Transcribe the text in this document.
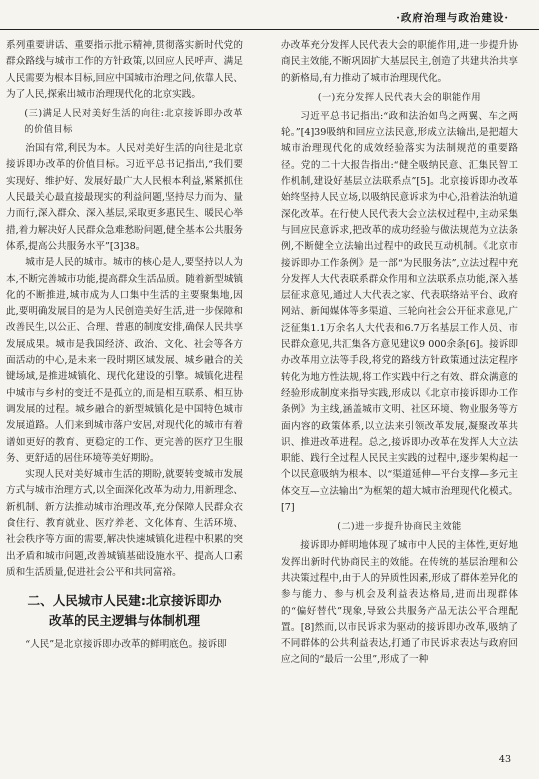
·政府治理与政治建设·

系列重要讲话、重要指示批示精神,贯彻落实新时代党的群众路线与城市工作的方针政策,以回应人民呼声、满足人民需要为根本目标,回应中国城市治理之问,依靠人民、为了人民,探索出城市治理现代化的北京实践。

(三)满足人民对美好生活的向往:北京接诉即办改革的价值目标

治国有常,利民为本。人民对美好生活的向往是北京接诉即办改革的价值目标。习近平总书记指出,“我们要实现好、维护好、发展好最广大人民根本利益,紧紧抓住人民最关心最直接最现实的利益问题,坚持尽力而为、量力而行,深入群众、深入基层,采取更多惠民生、暖民心举措,着力解决好人民群众急难愁盼问题,健全基本公共服务体系,提高公共服务水平”[3]38。

城市是人民的城市。城市的核心是人,要坚持以人为本,不断完善城市功能,提高群众生活品质。随着新型城镇化的不断推进,城市成为人口集中生活的主要聚集地,因此,要明确发展目的是为人民创造美好生活,进一步保障和改善民生,以公正、合理、普惠的制度安排,确保人民共享发展成果。城市是我国经济、政治、文化、社会等各方面活动的中心,是未来一段时期区域发展、城乡融合的关键场域,是推进城镇化、现代化建设的引擎。城镇化进程中城市与乡村的变迁不是孤立的,而是相互联系、相互协调发展的过程。城乡融合的新型城镇化是中国特色城市发展道路。人们来到城市落户安居,对现代化的城市有着谱如更好的教育、更稳定的工作、更完善的医疗卫生服务、更舒适的居住环境等美好期盼。

实现人民对美好城市生活的期盼,就要转变城市发展方式与城市治理方式,以全面深化改革为动力,用新理念、新机制、新方法推动城市治理改革,充分保障人民群众衣食住行、教育就业、医疗养老、文化体育、生活环境、社会秩序等方面的需要,解决快速城镇化进程中积累的突出矛盾和城市问题,改善城镇基础设施水平、提高人口素质和生活质量,促进社会公平和共同富裕。

二、人民城市人民建:北京接诉即办
改革的民主逻辑与体制机理

“人民”是北京接诉即办改革的鲜明底色。接诉即

办改革充分发挥人民代表大会的职能作用,进一步提升协商民主效能,不断巩固扩大基层民主,创造了共建共治共享的新格局,有力推动了城市治理现代化。

(一)充分发挥人民代表大会的职能作用

习近平总书记指出:“政和法治如鸟之两翼、车之两轮。”[4]39吸纳和回应立法民意,形成立法输出,是把超大城市治理现代化的成效经验落实为法制规范的重要路径。党的二十大报告指出:“健全吸纳民意、汇集民智工作机制,建设好基层立法联系点”[5]。北京接诉即办改革始终坚持人民立场,以吸纳民意诉求为中心,沿着法治轨道深化改革。在行使人民代表大会立法权过程中,主动采集与回应民意诉求,把改革的成功经验与做法规范为立法条例,不断健全立法输出过程中的政民互动机制。《北京市接诉即办工作条例》是一部“为民服务法”,立法过程中充分发挥人大代表联系群众作用和立法联系点功能,深入基层征求意见,通过人大代表之家、代表联络站平台、政府网站、新闻媒体等多渠道、三轮向社会公开征求意见,广泛征集1.1万余名人大代表和6.7万名基层工作人员、市民群众意见,共汇集各方意见建议9 000余条[6]。接诉即办改革用立法等手段,将党的路线方针政策通过法定程序转化为地方性法规,将工作实践中行之有效、群众满意的经验形成制度来指导实践,形成以《北京市接诉即办工作条例》为主线,涵盖城市文明、社区环境、物业服务等方面内容的政策体系,以立法来引领改革发展,凝聚改革共识、推进改革进程。总之,接诉即办改革在发挥人大立法职能、践行全过程人民民主实践的过程中,逐步架构起一个以民意吸纳为根本、以“渠道延伸—平台支撑—多元主体交互—立法输出”为框架的超大城市治理现代化模式。[7]

(二)进一步提升协商民主效能

接诉即办鲜明地体现了城市中人民的主体性,更好地发挥出新时代协商民主的效能。在传统的基层治理和公共决策过程中,由于人的异质性因素,形成了群体差异化的参与能力、参与机会及利益表达格局,进而出现群体的“偏好替代”现象,导致公共服务产品无法公平合理配置。[8]然而,以市民诉求为驱动的接诉即办改革,吸纳了不同群体的公共利益表达,打通了市民诉求表达与政府回应之间的“最后一公里”,形成了一种

43
